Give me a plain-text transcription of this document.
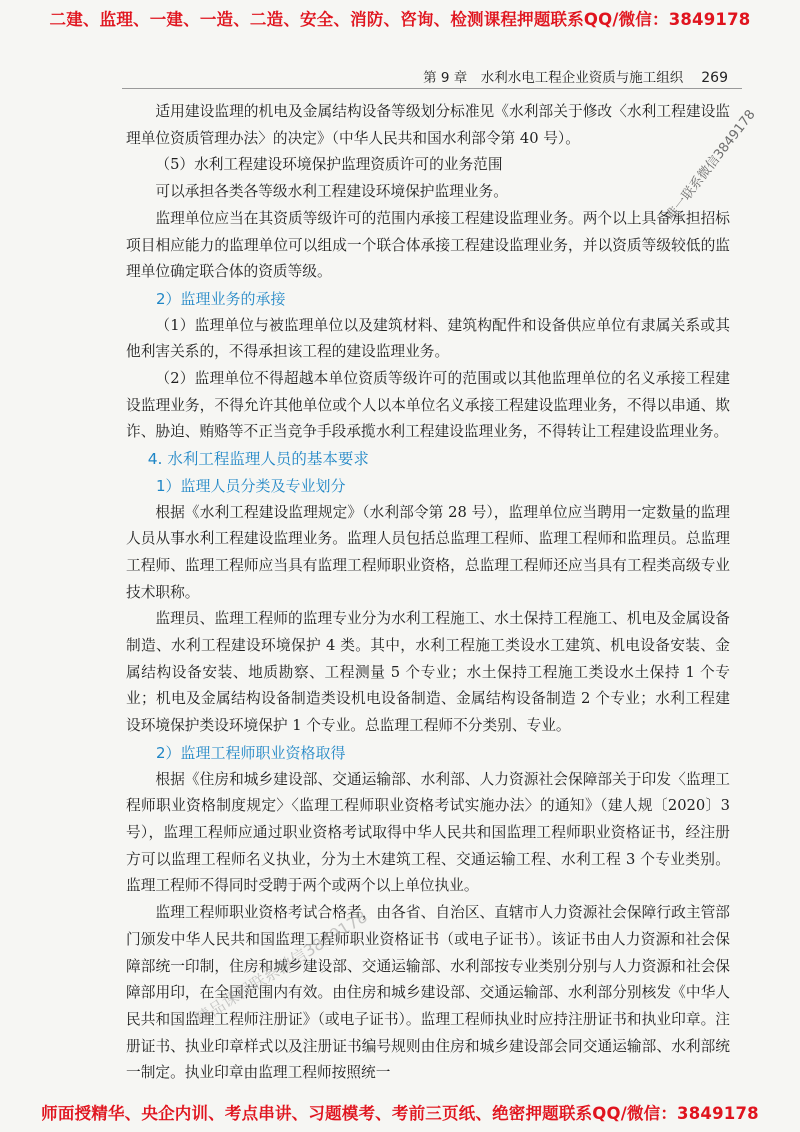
二建、监理、一建、一造、二造、安全、消防、咨询、检测课程押题联系QQ/微信：3849178
第 9 章　水利水电工程企业资质与施工组织 269

适用建设监理的机电及金属结构设备等级划分标准见《水利部关于修改〈水利工程建设监理单位资质管理办法〉的决定》（中华人民共和国水利部令第 40 号）。

（5）水利工程建设环境保护监理资质许可的业务范围

可以承担各类各等级水利工程建设环境保护监理业务。

监理单位应当在其资质等级许可的范围内承接工程建设监理业务。两个以上具备承担招标项目相应能力的监理单位可以组成一个联合体承接工程建设监理业务，并以资质等级较低的监理单位确定联合体的资质等级。

2）监理业务的承接

（1）监理单位与被监理单位以及建筑材料、建筑构配件和设备供应单位有隶属关系或其他利害关系的，不得承担该工程的建设监理业务。

（2）监理单位不得超越本单位资质等级许可的范围或以其他监理单位的名义承接工程建设监理业务，不得允许其他单位或个人以本单位名义承接工程建设监理业务，不得以串通、欺诈、胁迫、贿赂等不正当竞争手段承揽水利工程建设监理业务，不得转让工程建设监理业务。

4. 水利工程监理人员的基本要求
1）监理人员分类及专业划分

根据《水利工程建设监理规定》（水利部令第 28 号），监理单位应当聘用一定数量的监理人员从事水利工程建设监理业务。监理人员包括总监理工程师、监理工程师和监理员。总监理工程师、监理工程师应当具有监理工程师职业资格，总监理工程师还应当具有工程类高级专业技术职称。

监理员、监理工程师的监理专业分为水利工程施工、水土保持工程施工、机电及金属设备制造、水利工程建设环境保护 4 类。其中，水利工程施工类设水工建筑、机电设备安装、金属结构设备安装、地质勘察、工程测量 5 个专业；水土保持工程施工类设水土保持 1 个专业；机电及金属结构设备制造类设机电设备制造、金属结构设备制造 2 个专业；水利工程建设环境保护类设环境保护 1 个专业。总监理工程师不分类别、专业。

2）监理工程师职业资格取得

根据《住房和城乡建设部、交通运输部、水利部、人力资源社会保障部关于印发〈监理工程师职业资格制度规定〉〈监理工程师职业资格考试实施办法〉的通知》（建人规〔2020〕3 号），监理工程师应通过职业资格考试取得中华人民共和国监理工程师职业资格证书，经注册方可以监理工程师名义执业，分为土木建筑工程、交通运输工程、水利工程 3 个专业类别。监理工程师不得同时受聘于两个或两个以上单位执业。

监理工程师职业资格考试合格者，由各省、自治区、直辖市人力资源社会保障行政主管部门颁发中华人民共和国监理工程师职业资格证书（或电子证书）。该证书由人力资源和社会保障部统一印制，住房和城乡建设部、交通运输部、水利部按专业类别分别与人力资源和社会保障部用印，在全国范围内有效。由住房和城乡建设部、交通运输部、水利部分别核发《中华人民共和国监理工程师注册证》（或电子证书）。监理工程师执业时应持注册证书和执业印章。注册证书、执业印章样式以及注册证书编号规则由住房和城乡建设部会同交通运输部、水利部统一制定。执业印章由监理工程师按照统一

唯一联系微信3849178
精品课程联系微信3849178
师面授精华、央企内训、考点串讲、习题模考、考前三页纸、绝密押题联系QQ/微信：3849178
